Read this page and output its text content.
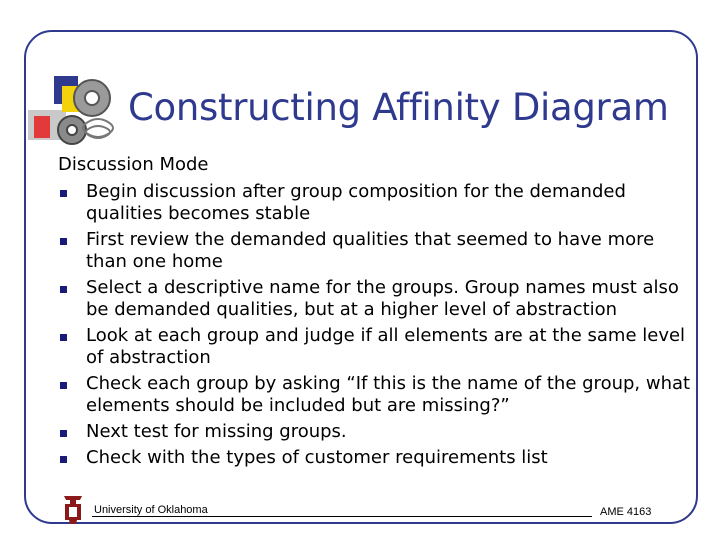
Constructing Affinity Diagram
Discussion Mode
Begin discussion after group composition for the demanded qualities becomes stable
First review the demanded qualities that seemed to have more than one home
Select a descriptive name for the groups. Group names must also be demanded qualities, but at a higher level of abstraction
Look at each group and judge if all elements are at the same level of abstraction
Check each group by asking “If this is the name of the group, what elements should be included but are missing?”
Next test for missing groups.
Check with the types of customer requirements list
University of Oklahoma	AME 4163
